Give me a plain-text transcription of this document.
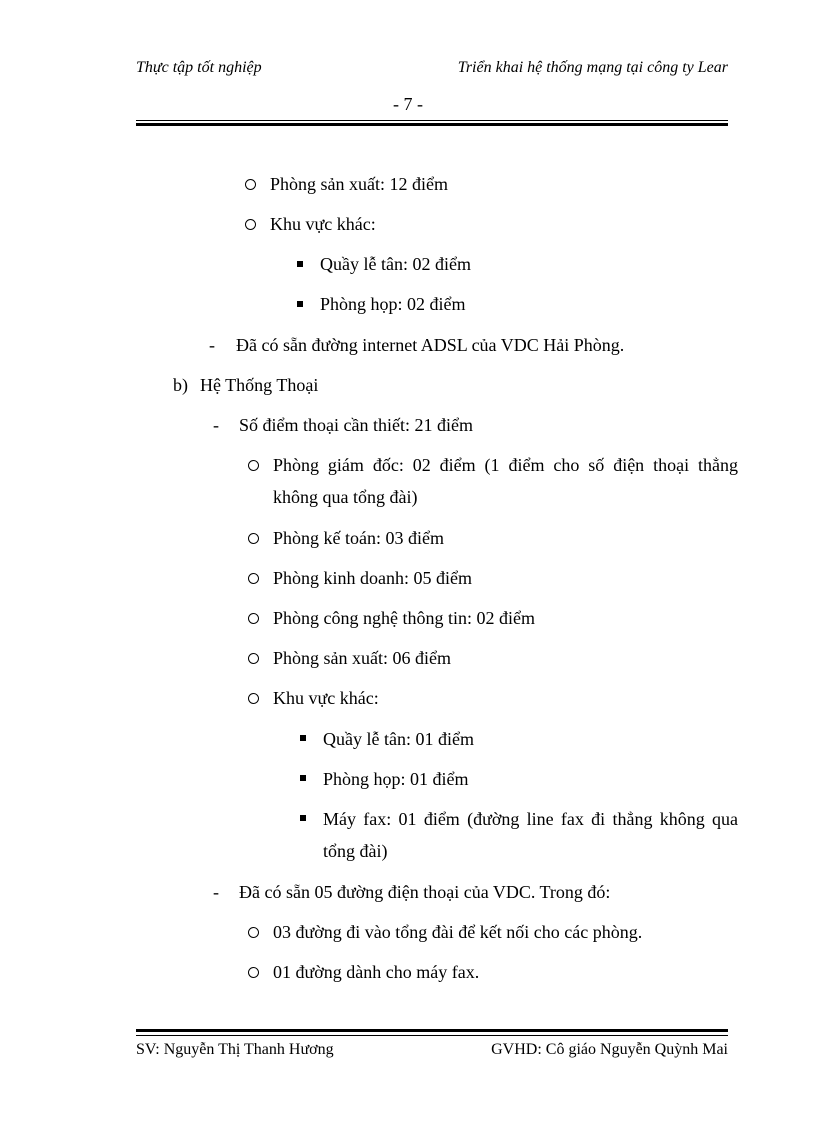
Thực tập tốt nghiệp	Triển khai hệ thống mạng tại công ty Lear
- 7 -
Phòng sản xuất: 12 điểm
Khu vực khác:
Quầy lễ tân: 02 điểm
Phòng họp: 02 điểm
- Đã có sẵn đường internet ADSL của VDC Hải Phòng.
b) Hệ Thống Thoại
- Số điểm thoại cần thiết: 21 điểm
Phòng giám đốc: 02 điểm (1 điểm cho số điện thoại thẳng
không qua tổng đài)
Phòng kế toán: 03 điểm
Phòng kinh doanh: 05 điểm
Phòng công nghệ thông tin: 02 điểm
Phòng sản xuất: 06 điểm
Khu vực khác:
Quầy lễ tân: 01 điểm
Phòng họp: 01 điểm
Máy fax: 01 điểm (đường line fax đi thẳng không qua
tổng đài)
- Đã có sẵn 05 đường điện thoại của VDC. Trong đó:
03 đường đi vào tổng đài để kết nối cho các phòng.
01 đường dành cho máy fax.
SV: Nguyễn Thị Thanh Hương	GVHD: Cô giáo Nguyễn Quỳnh Mai
